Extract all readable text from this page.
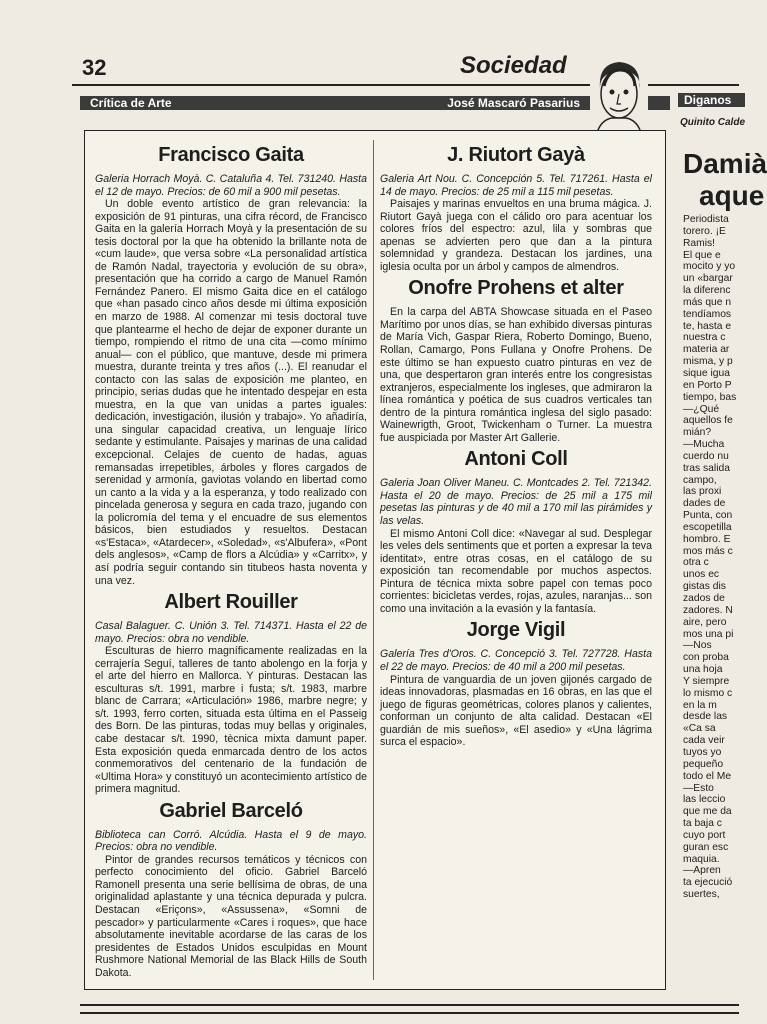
32	Sociedad
Crítica de Arte	José Mascaró Pasarius	Diganos
Quinito Calde
Damià
aque

Periodista

torero. ¡E

Ramis!

El que e

mocito y yo

un «bargar

la diferenc

más que n

tendíamos

te, hasta e

nuestra c

materia ar

misma, y p

sique igua

en Porto P

tiempo, bas

—¿Qué

aquellos fe

mián?

—Mucha

cuerdo nu

tras salida

campo,

las proxi

dades de

Punta, con

escopetilla

hombro. E

mos más c

otra c

unos ec

gistas dis

zados de

zadores. N

aire, pero

mos una pi

—Nos

con proba

una hoja

Y siempre

lo mismo c

en la m

desde las

«Ca sa

cada veir

tuyos yo

pequeño

todo el Me

—Esto

las leccio

que me da

ta baja c

cuyo port

guran esc

maquia.

—Apren

ta ejecució

suertes,

Francisco Gaita

Galeria Horrach Moyà. C. Cataluña 4. Tel. 731240. Hasta el 12 de mayo. Precios: de 60 mil a 900 mil pesetas.

Un doble evento artístico de gran relevancia: la exposición de 91 pinturas, una cifra récord, de Francisco Gaita en la galería Horrach Moyà y la presentación de su tesis doctoral por la que ha obtenido la brillante nota de «cum laude», que versa sobre «La personalidad artística de Ramón Nadal, trayectoria y evolución de su obra», presentación que ha corrido a cargo de Manuel Ramón Fernández Panero. El mismo Gaita dice en el catálogo que «han pasado cinco años desde mi última exposición en marzo de 1988. Al comenzar mi tesis doctoral tuve que plantearme el hecho de dejar de exponer durante un tiempo, rompiendo el ritmo de una cita —como mínimo anual— con el público, que mantuve, desde mi primera muestra, durante treinta y tres años (...). El reanudar el contacto con las salas de exposición me planteo, en principio, serias dudas que he intentado despejar en esta muestra, en la que van unidas a partes iguales: dedicación, investigación, ilusión y trabajo». Yo añadiría, una singular capacidad creativa, un lenguaje lírico sedante y estimulante. Paisajes y marinas de una calidad excepcional. Celajes de cuento de hadas, aguas remansadas irrepetibles, árboles y flores cargados de serenidad y armonía, gaviotas volando en libertad como un canto a la vida y a la esperanza, y todo realizado con pincelada generosa y segura en cada trazo, jugando con la policromía del tema y el encuadre de sus elementos básicos, bien estudiados y resueltos. Destacan «s'Estaca», «Atardecer», «Soledad», «s'Albufera», «Pont dels anglesos», «Camp de flors a Alcúdia» y «Carritx», y así podría seguir contando sin titubeos hasta noventa y una vez.

Albert Rouiller

Casal Balaguer. C. Unión 3. Tel. 714371. Hasta el 22 de mayo. Precios: obra no vendible.

Esculturas de hierro magníficamente realizadas en la cerrajería Seguí, talleres de tanto abolengo en la forja y el arte del hierro en Mallorca. Y pinturas. Destacan las esculturas s/t. 1991, marbre i fusta; s/t. 1983, marbre blanc de Carrara; «Articulación» 1986, marbre negre; y s/t. 1993, ferro corten, situada esta última en el Passeig des Born. De las pinturas, todas muy bellas y originales, cabe destacar s/t. 1990, tècnica mixta damunt paper. Esta exposición queda enmarcada dentro de los actos conmemorativos del centenario de la fundación de «Ultima Hora» y constituyó un acontecimiento artístico de primera magnitud.

Gabriel Barceló

Biblioteca can Corró. Alcúdia. Hasta el 9 de mayo. Precios: obra no vendible.

Pintor de grandes recursos temáticos y técnicos con perfecto conocimiento del oficio. Gabriel Barceló Ramonell presenta una serie bellísima de obras, de una originalidad aplastante y una técnica depurada y pulcra. Destacan «Eriçons», «Assussena», «Somni de pescador» y particularmente «Cares i roques», que hace absolutamente inevitable acordarse de las caras de los presidentes de Estados Unidos esculpidas en Mount Rushmore National Memorial de las Black Hills de South Dakota.

J. Riutort Gayà

Galeria Art Nou. C. Concepción 5. Tel. 717261. Hasta el 14 de mayo. Precios: de 25 mil a 115 mil pesetas.

Paisajes y marinas envueltos en una bruma mágica. J. Riutort Gayà juega con el cálido oro para acentuar los colores fríos del espectro: azul, lila y sombras que apenas se advierten pero que dan a la pintura solemnidad y grandeza. Destacan los jardines, una iglesia oculta por un árbol y campos de almendros.

Onofre Prohens et alter

En la carpa del ABTA Showcase situada en el Paseo Marítimo por unos días, se han exhibido diversas pinturas de María Vich, Gaspar Riera, Roberto Domingo, Bueno, Rollan, Camargo, Pons Fullana y Onofre Prohens. De este último se han expuesto cuatro pinturas en vez de una, que despertaron gran interés entre los congresistas extranjeros, especialmente los ingleses, que admiraron la línea romántica y poética de sus cuadros verticales tan dentro de la pintura romántica inglesa del siglo pasado: Wainewrigth, Groot, Twickenham o Turner. La muestra fue auspiciada por Master Art Gallerie.

Antoni Coll

Galeria Joan Oliver Maneu. C. Montcades 2. Tel. 721342. Hasta el 20 de mayo. Precios: de 25 mil a 175 mil pesetas las pinturas y de 40 mil a 170 mil las pirámides y las velas.

El mismo Antoni Coll dice: «Navegar al sud. Desplegar les veles dels sentiments que et porten a expresar la teva identitat», entre otras cosas, en el catálogo de su exposición tan recomendable por muchos aspectos. Pintura de técnica mixta sobre papel con temas poco corrientes: bicicletas verdes, rojas, azules, naranjas... son como una invitación a la evasión y la fantasía.

Jorge Vigil

Galería Tres d'Oros. C. Concepció 3. Tel. 727728. Hasta el 22 de mayo. Precios: de 40 mil a 200 mil pesetas.

Pintura de vanguardia de un joven gijonés cargado de ideas innovadoras, plasmadas en 16 obras, en las que el juego de figuras geométricas, colores planos y calientes, conforman un conjunto de alta calidad. Destacan «El guardián de mis sueños», «El asedio» y «Una lágrima surca el espacio».
